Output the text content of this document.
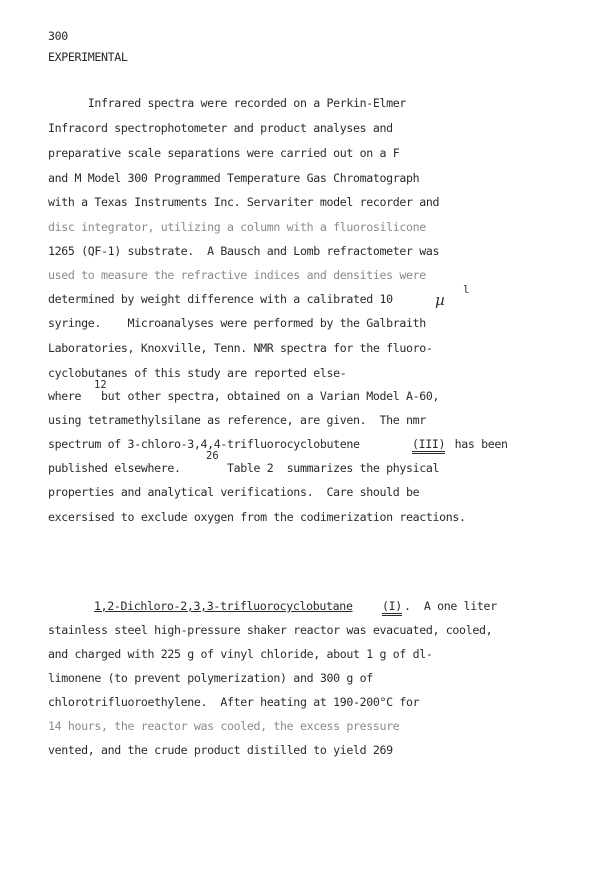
300
EXPERIMENTAL
Infrared spectra were recorded on a Perkin-Elmer
Infracord spectrophotometer and product analyses and
preparative scale separations were carried out on a F
and M Model 300 Programmed Temperature Gas Chromatograph
with a Texas Instruments Inc. Servariter model recorder and
disc integrator, utilizing a column with a fluorosilicone
1265 (QF-1) substrate.  A Bausch and Lomb refractometer was
used to measure the refractive indices and densities were
determined by weight difference with a calibrated 10	µ
l
syringe.    Microanalyses were performed by the Galbraith
Laboratories, Knoxville, Tenn. NMR spectra for the fluoro-
cyclobutanes of this study are reported else-
12
where   but other spectra, obtained on a Varian Model A-60,
using tetramethylsilane as reference, are given.  The nmr
spectrum of 3-chloro-3,4,4-trifluorocyclobutene	(III) has been
26
published elsewhere.       Table 2  summarizes the physical
properties and analytical verifications.  Care should be
excersised to exclude oxygen from the codimerization reactions.
1,2-Dichloro-2,3,3-trifluorocyclobutane	(I) .  A one liter
stainless steel high-pressure shaker reactor was evacuated, cooled,
and charged with 225 g of vinyl chloride, about 1 g of dl-
limonene (to prevent polymerization) and 300 g of
chlorotrifluoroethylene.  After heating at 190-200°C for
14 hours, the reactor was cooled, the excess pressure
vented, and the crude product distilled to yield 269
